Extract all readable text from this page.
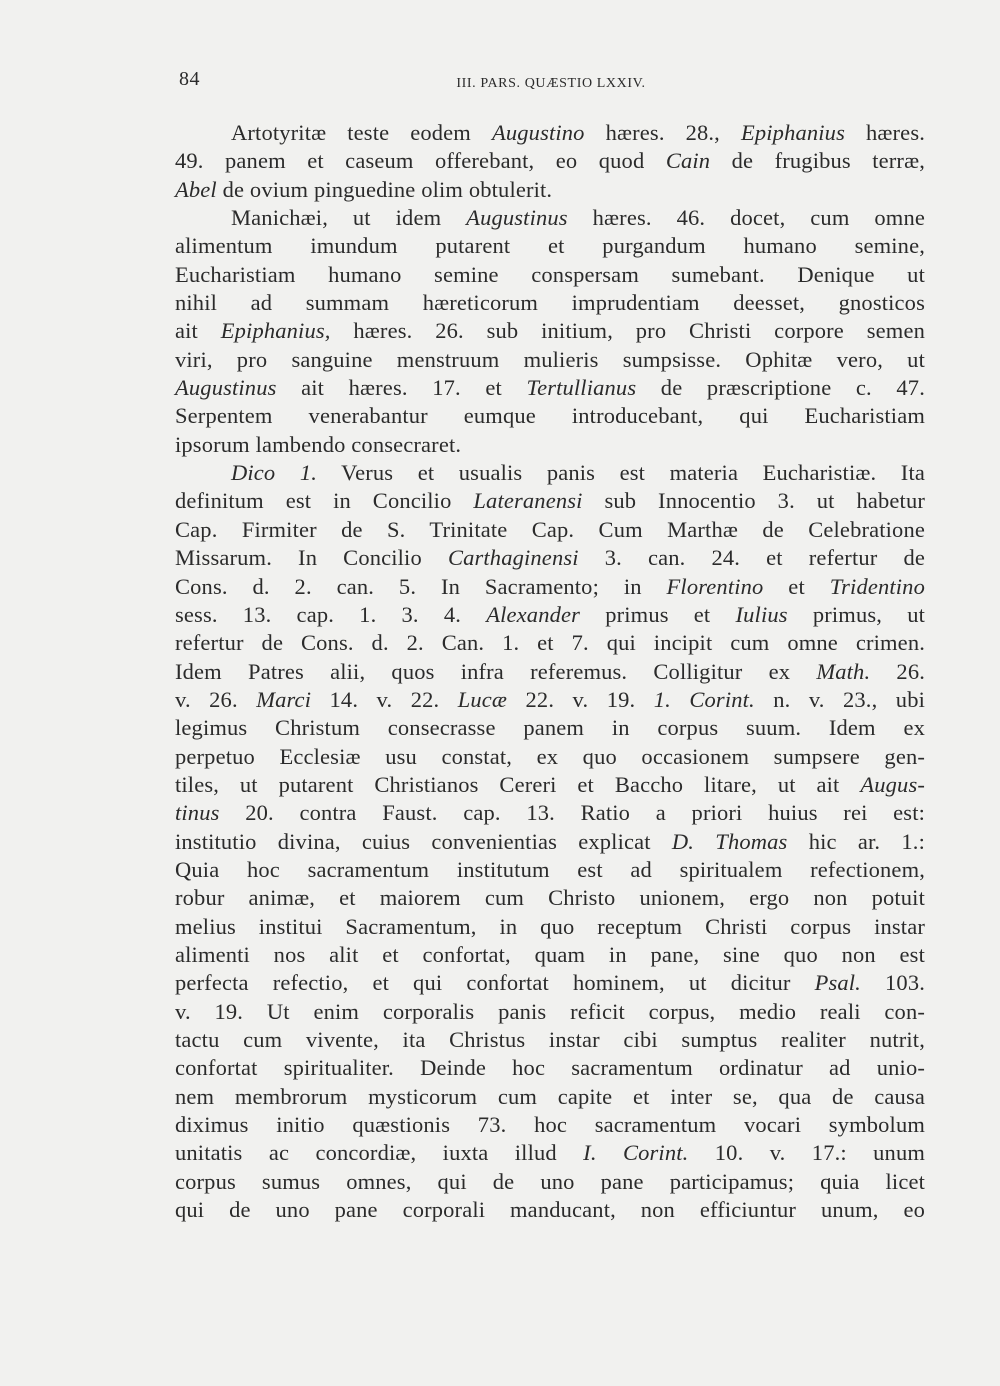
84	III. PARS. QUÆSTIO LXXIV.
Artotyritæ teste eodem Augustino hæres. 28., Epiphanius hæres.
49. panem et caseum offerebant, eo quod Cain de frugibus terræ,
Abel de ovium pinguedine olim obtulerit.
Manichæi, ut idem Augustinus hæres. 46. docet, cum omne
alimentum imundum putarent et purgandum humano semine,
Eucharistiam humano semine conspersam sumebant. Denique ut
nihil ad summam hæreticorum imprudentiam deesset, gnosticos
ait Epiphanius, hæres. 26. sub initium, pro Christi corpore semen
viri, pro sanguine menstruum mulieris sumpsisse. Ophitæ vero, ut
Augustinus ait hæres. 17. et Tertullianus de præscriptione c. 47.
Serpentem venerabantur eumque introducebant, qui Eucharistiam
ipsorum lambendo consecraret.
Dico 1. Verus et usualis panis est materia Eucharistiæ. Ita
definitum est in Concilio Lateranensi sub Innocentio 3. ut habetur
Cap. Firmiter de S. Trinitate Cap. Cum Marthæ de Celebratione
Missarum. In Concilio Carthaginensi 3. can. 24. et refertur de
Cons. d. 2. can. 5. In Sacramento; in Florentino et Tridentino
sess. 13. cap. 1. 3. 4. Alexander primus et Iulius primus, ut
refertur de Cons. d. 2. Can. 1. et 7. qui incipit cum omne crimen.
Idem Patres alii, quos infra referemus. Colligitur ex Math. 26.
v. 26. Marci 14. v. 22. Lucæ 22. v. 19. 1. Corint. n. v. 23., ubi
legimus Christum consecrasse panem in corpus suum. Idem ex
perpetuo Ecclesiæ usu constat, ex quo occasionem sumpsere gen-
tiles, ut putarent Christianos Cereri et Baccho litare, ut ait Augus-
tinus 20. contra Faust. cap. 13. Ratio a priori huius rei est:
institutio divina, cuius convenientias explicat D. Thomas hic ar. 1.:
Quia hoc sacramentum institutum est ad spiritualem refectionem,
robur animæ, et maiorem cum Christo unionem, ergo non potuit
melius institui Sacramentum, in quo receptum Christi corpus instar
alimenti nos alit et confortat, quam in pane, sine quo non est
perfecta refectio, et qui confortat hominem, ut dicitur Psal. 103.
v. 19. Ut enim corporalis panis reficit corpus, medio reali con-
tactu cum vivente, ita Christus instar cibi sumptus realiter nutrit,
confortat spiritualiter. Deinde hoc sacramentum ordinatur ad unio-
nem membrorum mysticorum cum capite et inter se, qua de causa
diximus initio quæstionis 73. hoc sacramentum vocari symbolum
unitatis ac concordiæ, iuxta illud I. Corint. 10. v. 17.: unum
corpus sumus omnes, qui de uno pane participamus; quia licet
qui de uno pane corporali manducant, non efficiuntur unum, eo
